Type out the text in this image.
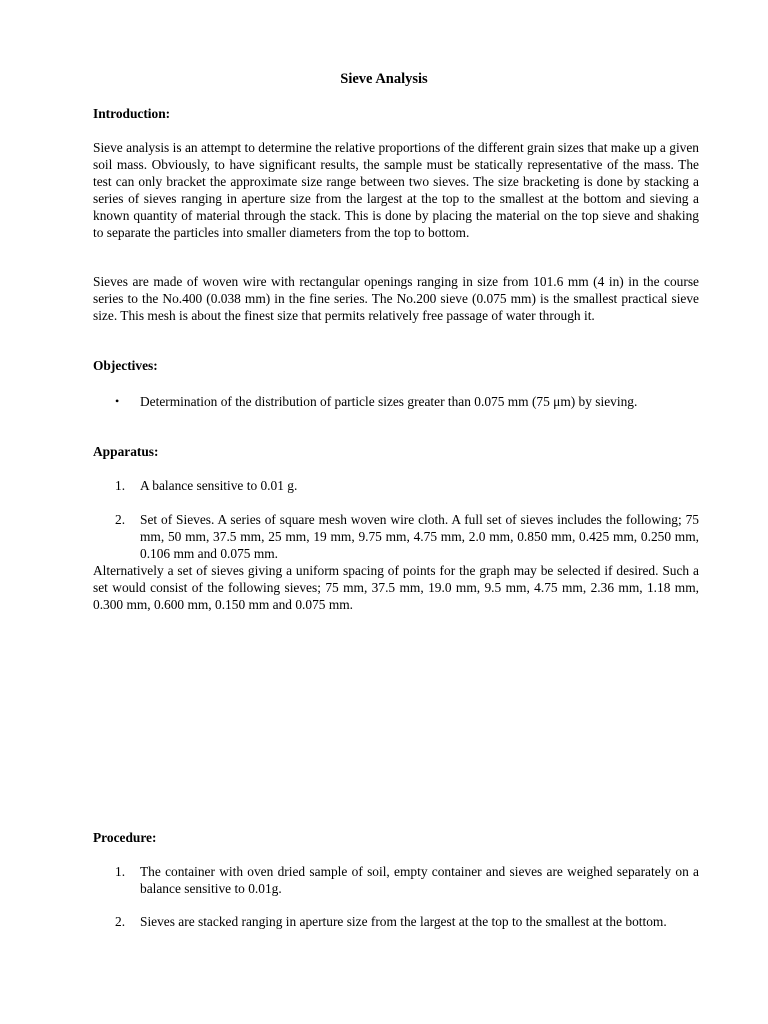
Sieve Analysis
Introduction:
Sieve analysis is an attempt to determine the relative proportions of the different grain sizes that make up a given soil mass. Obviously, to have significant results, the sample must be statically representative of the mass. The test can only bracket the approximate size range between two sieves. The size bracketing is done by stacking a series of sieves ranging in aperture size from the largest at the top to the smallest at the bottom and sieving a known quantity of material through the stack. This is done by placing the material on the top sieve and shaking to separate the particles into smaller diameters from the top to bottom.
Sieves are made of woven wire with rectangular openings ranging in size from 101.6 mm (4 in) in the course series to the No.400 (0.038 mm) in the fine series. The No.200 sieve (0.075 mm) is the smallest practical sieve size. This mesh is about the finest size that permits relatively free passage of water through it.
Objectives:
• Determination of the distribution of particle sizes greater than 0.075 mm (75 μm) by sieving.
Apparatus:
1. A balance sensitive to 0.01 g.
2. Set of Sieves. A series of square mesh woven wire cloth. A full set of sieves includes the following; 75 mm, 50 mm, 37.5 mm, 25 mm, 19 mm, 9.75 mm, 4.75 mm, 2.0 mm, 0.850 mm, 0.425 mm, 0.250 mm, 0.106 mm and 0.075 mm.
Alternatively a set of sieves giving a uniform spacing of points for the graph may be selected if desired. Such a set would consist of the following sieves; 75 mm, 37.5 mm, 19.0 mm, 9.5 mm, 4.75 mm, 2.36 mm, 1.18 mm, 0.300 mm, 0.600 mm, 0.150 mm and 0.075 mm.
Procedure:
1. The container with oven dried sample of soil, empty container and sieves are weighed separately on a balance sensitive to 0.01g.
2. Sieves are stacked ranging in aperture size from the largest at the top to the smallest at the bottom.
